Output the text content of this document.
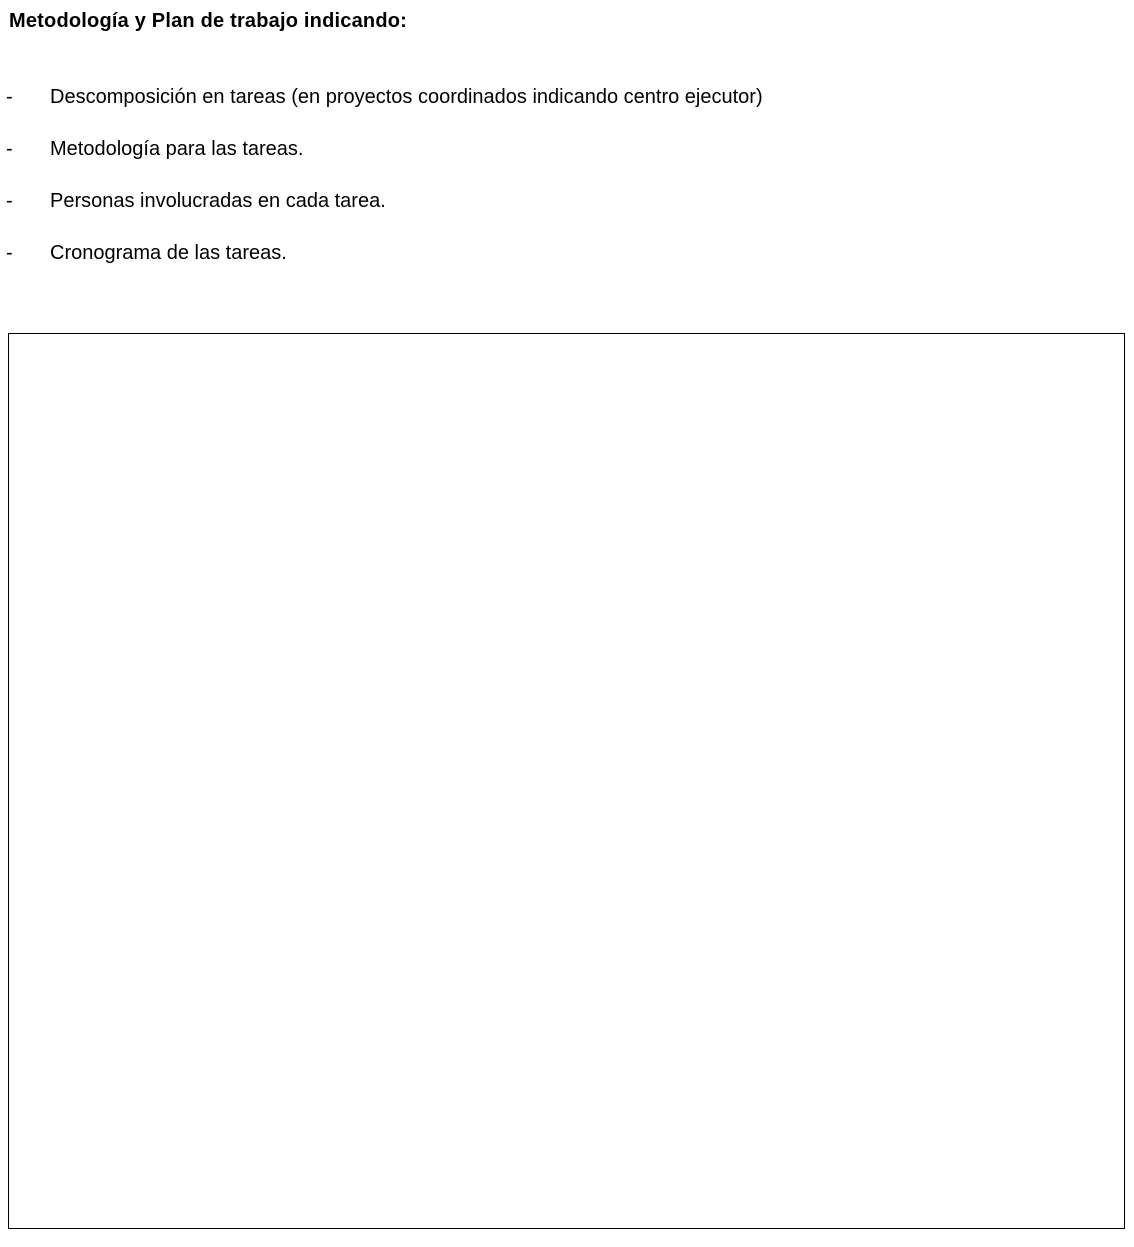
Metodología y Plan de trabajo indicando:
- Descomposición en tareas (en proyectos coordinados indicando centro ejecutor)
- Metodología para las tareas.
- Personas involucradas en cada tarea.
- Cronograma de las tareas.
